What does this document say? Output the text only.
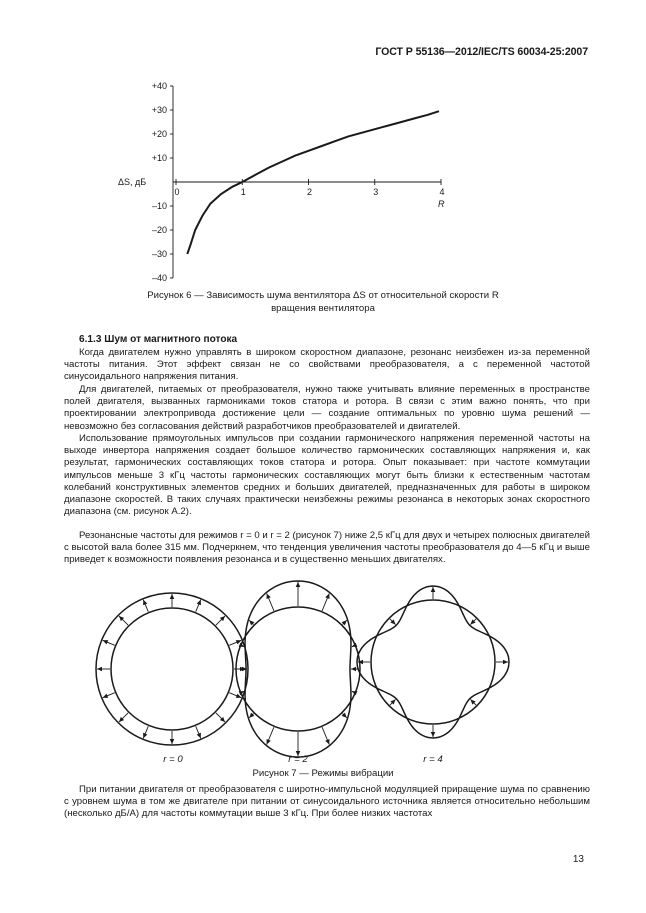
ГОСТ Р 55136—2012/IEC/TS 60034-25:2007
+40
+30
+20
+10
–10
–20
–30
–40
0	1	2	3	4
ΔS, дБ
R
Рисунок 6 — Зависимость шума вентилятора ΔS от относительной скорости R
вращения вентилятора
6.1.3 Шум от магнитного потока

Когда двигателем нужно управлять в широком скоростном диапазоне, резонанс неизбежен из-за переменной частоты питания. Этот эффект связан не со свойствами преобразователя, а с переменной частотой синусоидального напряжения питания.

Для двигателей, питаемых от преобразователя, нужно также учитывать влияние переменных в пространстве полей двигателя, вызванных гармониками токов статора и ротора. В связи с этим важно понять, что при проектировании электропривода достижение цели — создание оптимальных по уровню шума решений — невозможно без согласования действий разработчиков преобразователей и двигателей.

Использование прямоугольных импульсов при создании гармонического напряжения переменной частоты на выходе инвертора напряжения создает большое количество гармонических составляющих напряжения и, как результат, гармонических составляющих токов статора и ротора. Опыт показывает: при частоте коммутации импульсов меньше 3 кГц частоты гармонических составляющих могут быть близки к естественным частотам колебаний конструктивных элементов средних и больших двигателей, предназначенных для работы в широком диапазоне скоростей. В таких случаях практически неизбежны режимы резонанса в некоторых зонах скоростного диапазона (см. рисунок А.2).

Резонансные частоты для режимов r = 0 и r = 2 (рисунок 7) ниже 2,5 кГц для двух и четырех полюсных двигателей с высотой вала более 315 мм. Подчеркнем, что тенденция увеличения частоты преобразователя до 4—5 кГц и выше приведет к возможности появления резонанса и в существенно меньших двигателях.

r = 0	r = 2	r = 4
Рисунок 7 — Режимы вибрации

При питании двигателя от преобразователя с широтно-импульсной модуляцией приращение шума по сравнению с уровнем шума в том же двигателе при питании от синусоидального источника является относительно небольшим (несколько дБ/А) для частоты коммутации выше 3 кГц. При более низких частотах

13
